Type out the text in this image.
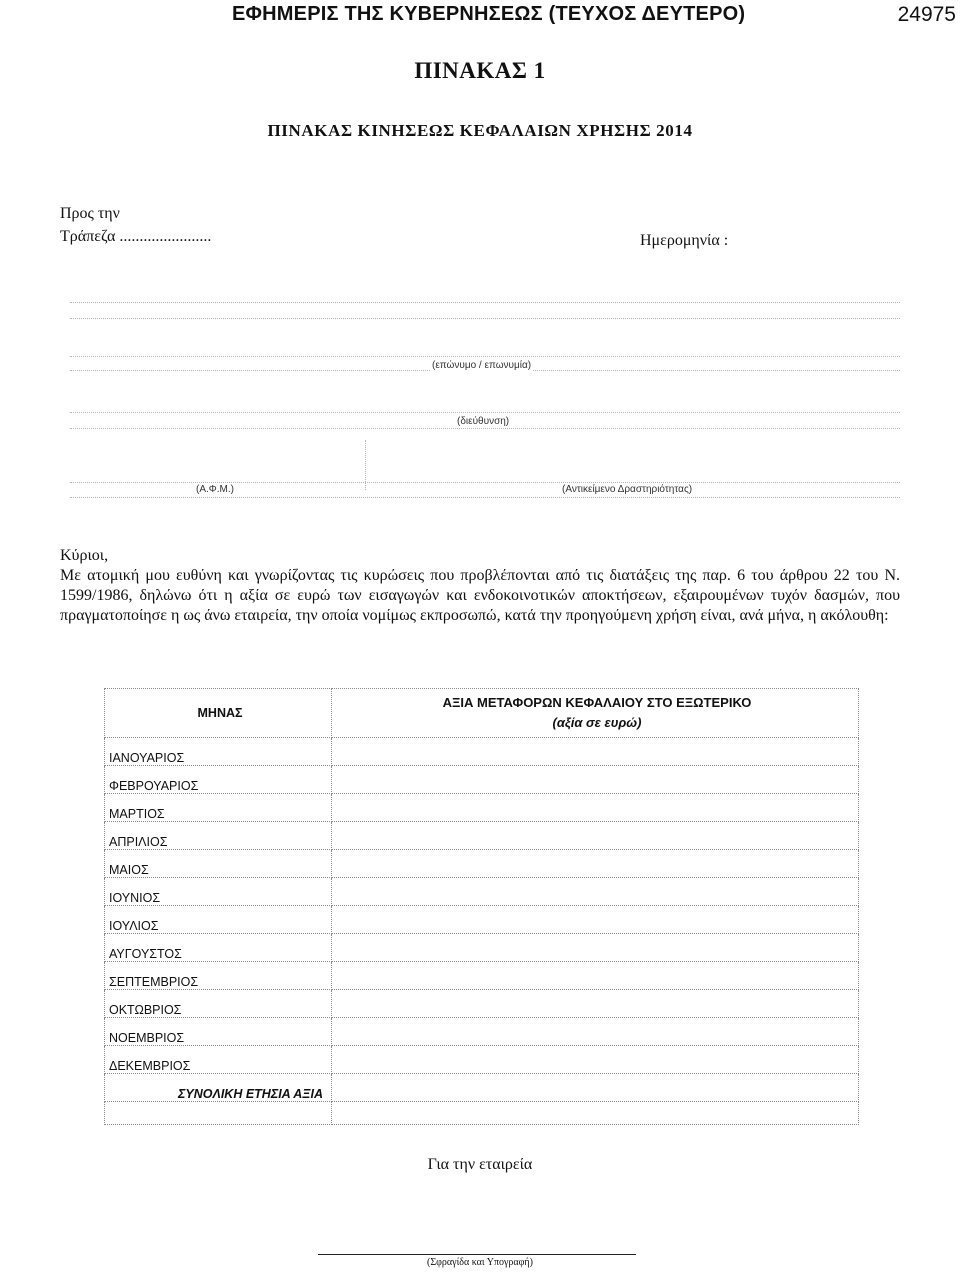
ΕΦΗΜΕΡΙΣ ΤΗΣ ΚΥΒΕΡΝΗΣΕΩΣ (ΤΕΥΧΟΣ ΔΕΥΤΕΡΟ)	24975
ΠΙΝΑΚΑΣ 1
ΠΙΝΑΚΑΣ ΚΙΝΗΣΕΩΣ ΚΕΦΑΛΑΙΩΝ ΧΡΗΣΗΣ 2014
Προς την
Τράπεζα .......................	Ημερομηνία :
(επώνυμο / επωνυμία)
(διεύθυνση)
(Α.Φ.Μ.)	(Αντικείμενο Δραστηριότητας)

Κύριοι,

Με ατομική μου ευθύνη και γνωρίζοντας τις κυρώσεις που προβλέπονται από τις διατάξεις της παρ. 6 του άρθρου 22 του Ν. 1599/1986, δηλώνω ότι η αξία σε ευρώ των εισαγωγών και ενδοκοινοτικών αποκτήσεων, εξαιρουμένων τυχόν δασμών, που πραγματοποίησε η ως άνω εταιρεία, την οποία νομίμως εκπροσωπώ, κατά την προηγούμενη χρήση είναι, ανά μήνα, η ακόλουθη:

ΜΗΝΑΣ	ΑΞΙΑ ΜΕΤΑΦΟΡΩΝ ΚΕΦΑΛΑΙΟΥ ΣΤΟ ΕΞΩΤΕΡΙΚΟ
(αξία σε ευρώ)
ΙΑΝΟΥΑΡΙΟΣ	
ΦΕΒΡΟΥΑΡΙΟΣ	
ΜΑΡΤΙΟΣ	
ΑΠΡΙΛΙΟΣ	
ΜΑΙΟΣ	
ΙΟΥΝΙΟΣ	
ΙΟΥΛΙΟΣ	
ΑΥΓΟΥΣΤΟΣ	
ΣΕΠΤΕΜΒΡΙΟΣ	
ΟΚΤΩΒΡΙΟΣ	
ΝΟΕΜΒΡΙΟΣ	
ΔΕΚΕΜΒΡΙΟΣ	
ΣΥΝΟΛΙΚΗ ΕΤΗΣΙΑ ΑΞΙΑ	

Για την εταιρεία
(Σφραγίδα και Υπογραφή)
